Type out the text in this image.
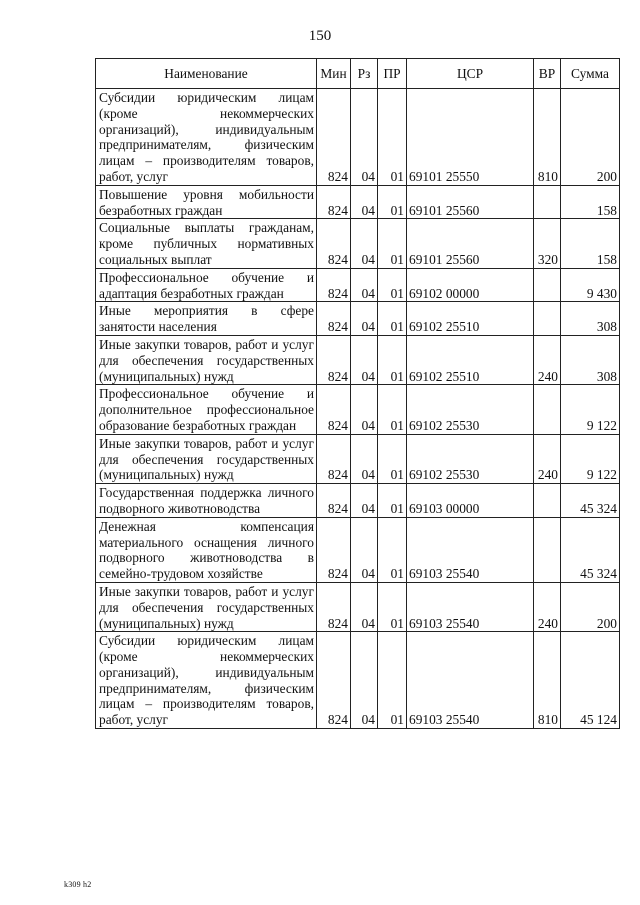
150
Наименование	Мин	Рз	ПР	ЦСР	ВР	Сумма
Субсидии юридическим лицам (кроме некоммерческих организаций), индивидуальным предпринимателям, физическим лицам – производителям товаров, работ, услуг	824	04	01	69101 25550	810	200
Повышение уровня мобильности безработных граждан	824	04	01	69101 25560		158
Социальные выплаты гражданам, кроме публичных нормативных социальных выплат	824	04	01	69101 25560	320	158
Профессиональное обучение и адаптация безработных граждан	824	04	01	69102 00000		9 430
Иные мероприятия в сфере занятости населения	824	04	01	69102 25510		308
Иные закупки товаров, работ и услуг для обеспечения государственных (муниципальных) нужд	824	04	01	69102 25510	240	308
Профессиональное обучение и дополнительное профессиональное образование безработных граждан	824	04	01	69102 25530		9 122
Иные закупки товаров, работ и услуг для обеспечения государственных (муниципальных) нужд	824	04	01	69102 25530	240	9 122
Государственная поддержка личного подворного животноводства	824	04	01	69103 00000		45 324
Денежная компенсация материального оснащения личного подворного животноводства в семейно-трудовом хозяйстве	824	04	01	69103 25540		45 324
Иные закупки товаров, работ и услуг для обеспечения государственных (муниципальных) нужд	824	04	01	69103 25540	240	200
Субсидии юридическим лицам (кроме некоммерческих организаций), индивидуальным предпринимателям, физическим лицам – производителям товаров, работ, услуг	824	04	01	69103 25540	810	45 124
k309 h2
